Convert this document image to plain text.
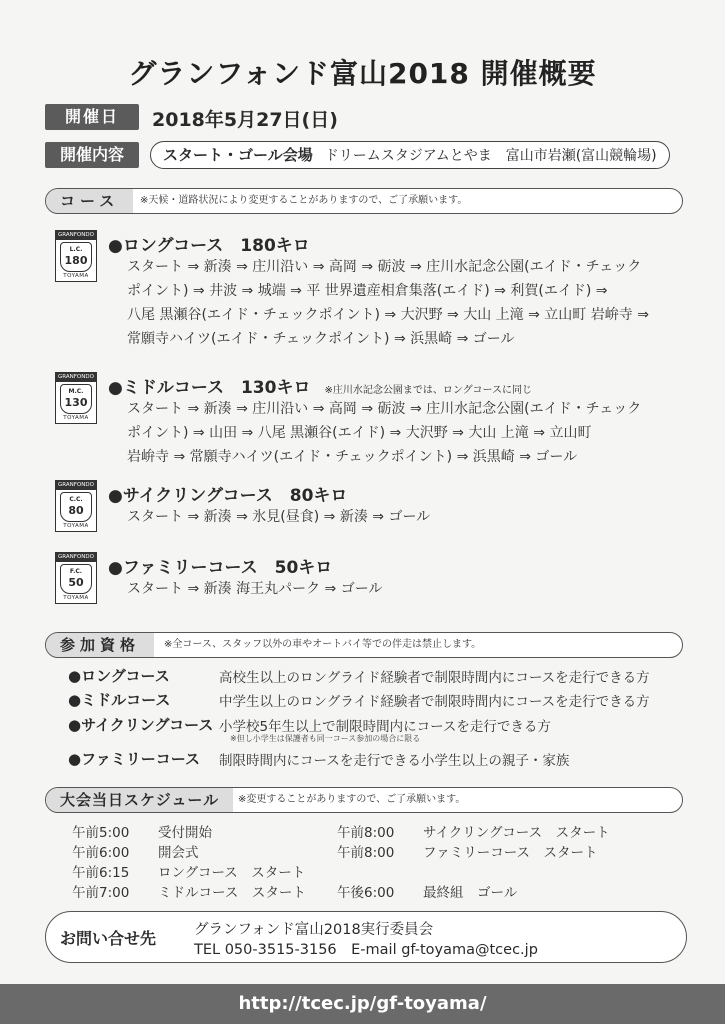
グランフォンド富山2018 開催概要
開催日	2018年5月27日(日)
開催内容	スタート・ゴール会場 ドリームスタジアムとやま　富山市岩瀬(富山競輪場)
コース	※天候・道路状況により変更することがありますので、ご了承願います。
GRANFONDO
L.C.
180
TOYAMA
●ロングコース　180キロ
スタート ⇒ 新湊 ⇒ 庄川沿い ⇒ 高岡 ⇒ 砺波 ⇒ 庄川水記念公園(エイド・チェック
ポイント) ⇒ 井波 ⇒ 城端 ⇒ 平 世界遺産相倉集落(エイド) ⇒ 利賀(エイド) ⇒
八尾 黒瀬谷(エイド・チェックポイント) ⇒ 大沢野 ⇒ 大山 上滝 ⇒ 立山町 岩峅寺 ⇒
常願寺ハイツ(エイド・チェックポイント) ⇒ 浜黒崎 ⇒ ゴール
GRANFONDO
M.C.
130
TOYAMA
●ミドルコース　130キロ ※庄川水記念公園までは、ロングコースに同じ
スタート ⇒ 新湊 ⇒ 庄川沿い ⇒ 高岡 ⇒ 砺波 ⇒ 庄川水記念公園(エイド・チェック
ポイント) ⇒ 山田 ⇒ 八尾 黒瀬谷(エイド) ⇒ 大沢野 ⇒ 大山 上滝 ⇒ 立山町
岩峅寺 ⇒ 常願寺ハイツ(エイド・チェックポイント) ⇒ 浜黒崎 ⇒ ゴール
GRANFONDO
C.C.
80
TOYAMA
●サイクリングコース　80キロ
スタート ⇒ 新湊 ⇒ 氷見(昼食) ⇒ 新湊 ⇒ ゴール
GRANFONDO
F.C.
50
TOYAMA
●ファミリーコース　50キロ
スタート ⇒ 新湊 海王丸パーク ⇒ ゴール
参加資格	※全コース、スタッフ以外の車やオートバイ等での伴走は禁止します。
●ロングコース	高校生以上のロングライド経験者で制限時間内にコースを走行できる方
●ミドルコース	中学生以上のロングライド経験者で制限時間内にコースを走行できる方
●サイクリングコース 小学校5年生以上で制限時間内にコースを走行できる方
※但し小学生は保護者も同一コース参加の場合に限る
●ファミリーコース 制限時間内にコースを走行できる小学生以上の親子・家族
大会当日スケジュール	※変更することがありますので、ご了承願います。
午前5:00 受付開始
午前6:00 開会式
午前6:15 ロングコース　スタート
午前7:00 ミドルコース　スタート
午前8:00 サイクリングコース　スタート
午前8:00 ファミリーコース　スタート
午後6:00 最終組　ゴール
お問い合せ先	グランフォンド富山2018実行委員会
TEL 050-3515-3156　E-mail gf-toyama@tcec.jp
http://tcec.jp/gf-toyama/
